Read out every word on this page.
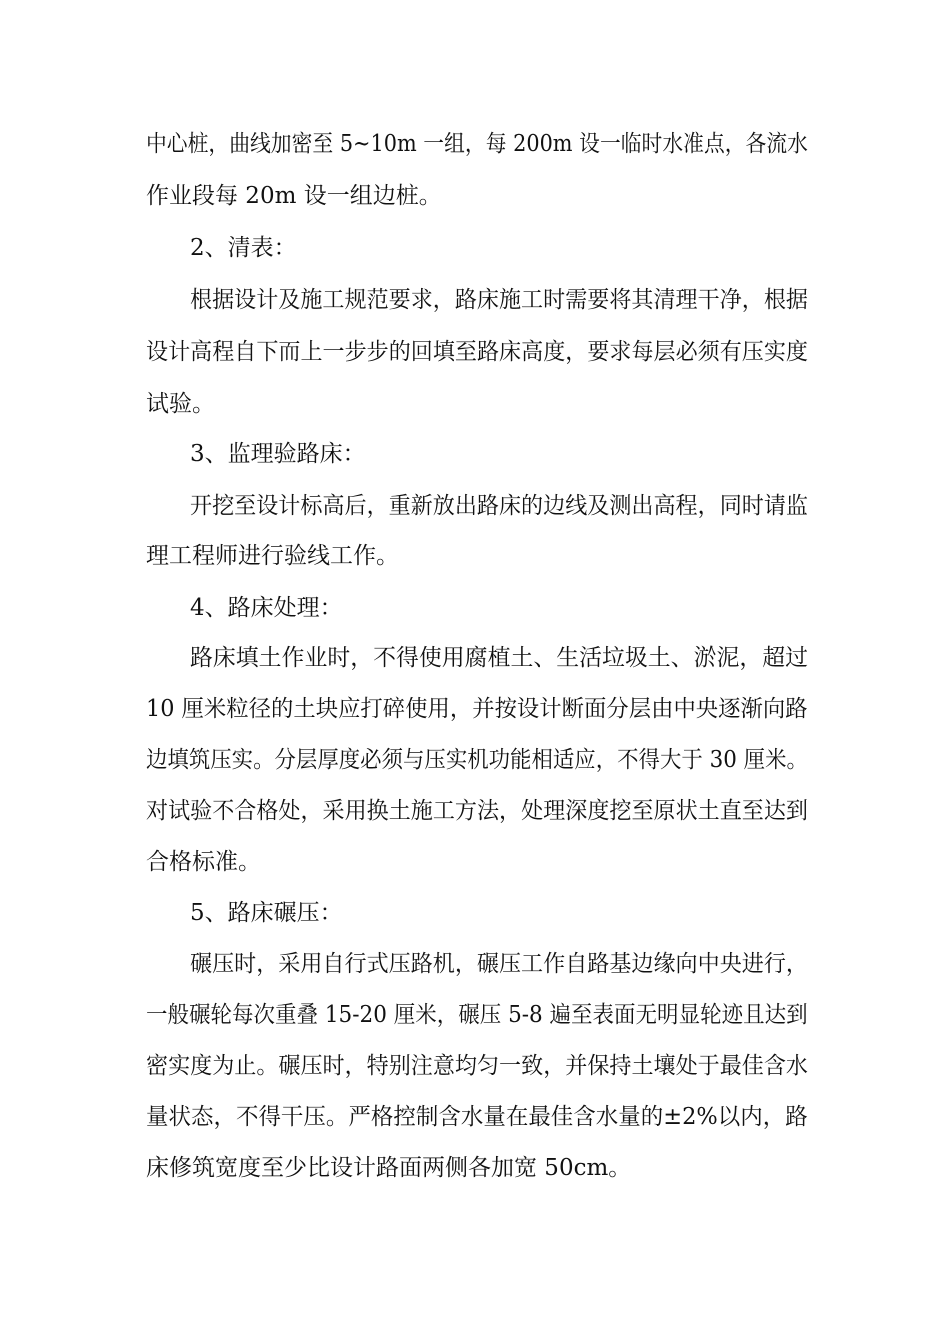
中心桩，曲线加密至 5~10m 一组，每 200m 设一临时水准点，各流水
作业段每 20m 设一组边桩。
2、清表：
根据设计及施工规范要求，路床施工时需要将其清理干净，根据
设计高程自下而上一步步的回填至路床高度，要求每层必须有压实度
试验。
3、监理验路床：
开挖至设计标高后，重新放出路床的边线及测出高程，同时请监
理工程师进行验线工作。
4、路床处理：
路床填土作业时，不得使用腐植土、生活垃圾土、淤泥，超过
10 厘米粒径的土块应打碎使用，并按设计断面分层由中央逐渐向路
边填筑压实。分层厚度必须与压实机功能相适应，不得大于 30 厘米。
对试验不合格处，采用换土施工方法，处理深度挖至原状土直至达到
合格标准。
5、路床碾压：
碾压时，采用自行式压路机，碾压工作自路基边缘向中央进行，
一般碾轮每次重叠 15-20 厘米，碾压 5-8 遍至表面无明显轮迹且达到
密实度为止。碾压时，特别注意均匀一致，并保持土壤处于最佳含水
量状态，不得干压。严格控制含水量在最佳含水量的±2%以内，路
床修筑宽度至少比设计路面两侧各加宽 50cm。
